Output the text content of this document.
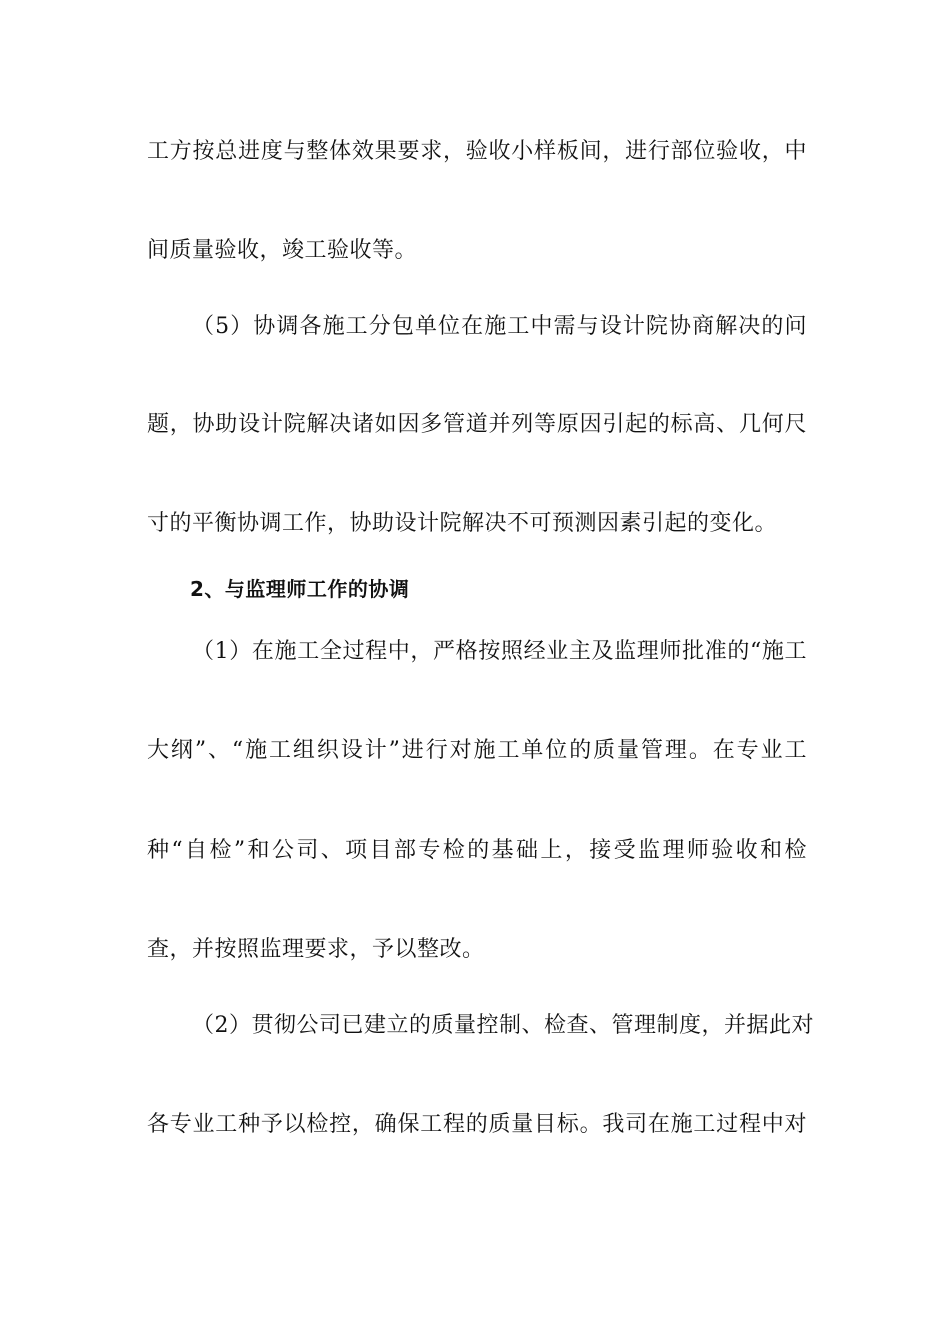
工方按总进度与整体效果要求，验收小样板间，进行部位验收，中
间质量验收，竣工验收等。
（5）协调各施工分包单位在施工中需与设计院协商解决的问
题，协助设计院解决诸如因多管道并列等原因引起的标高、几何尺
寸的平衡协调工作，协助设计院解决不可预测因素引起的变化。
2、与监理师工作的协调
（1）在施工全过程中，严格按照经业主及监理师批准的“施工
大纲”、“施工组织设计”进行对施工单位的质量管理。在专业工
种“自检”和公司、项目部专检的基础上，接受监理师验收和检
查，并按照监理要求，予以整改。
（2）贯彻公司已建立的质量控制、检查、管理制度，并据此对
各专业工种予以检控，确保工程的质量目标。我司在施工过程中对
